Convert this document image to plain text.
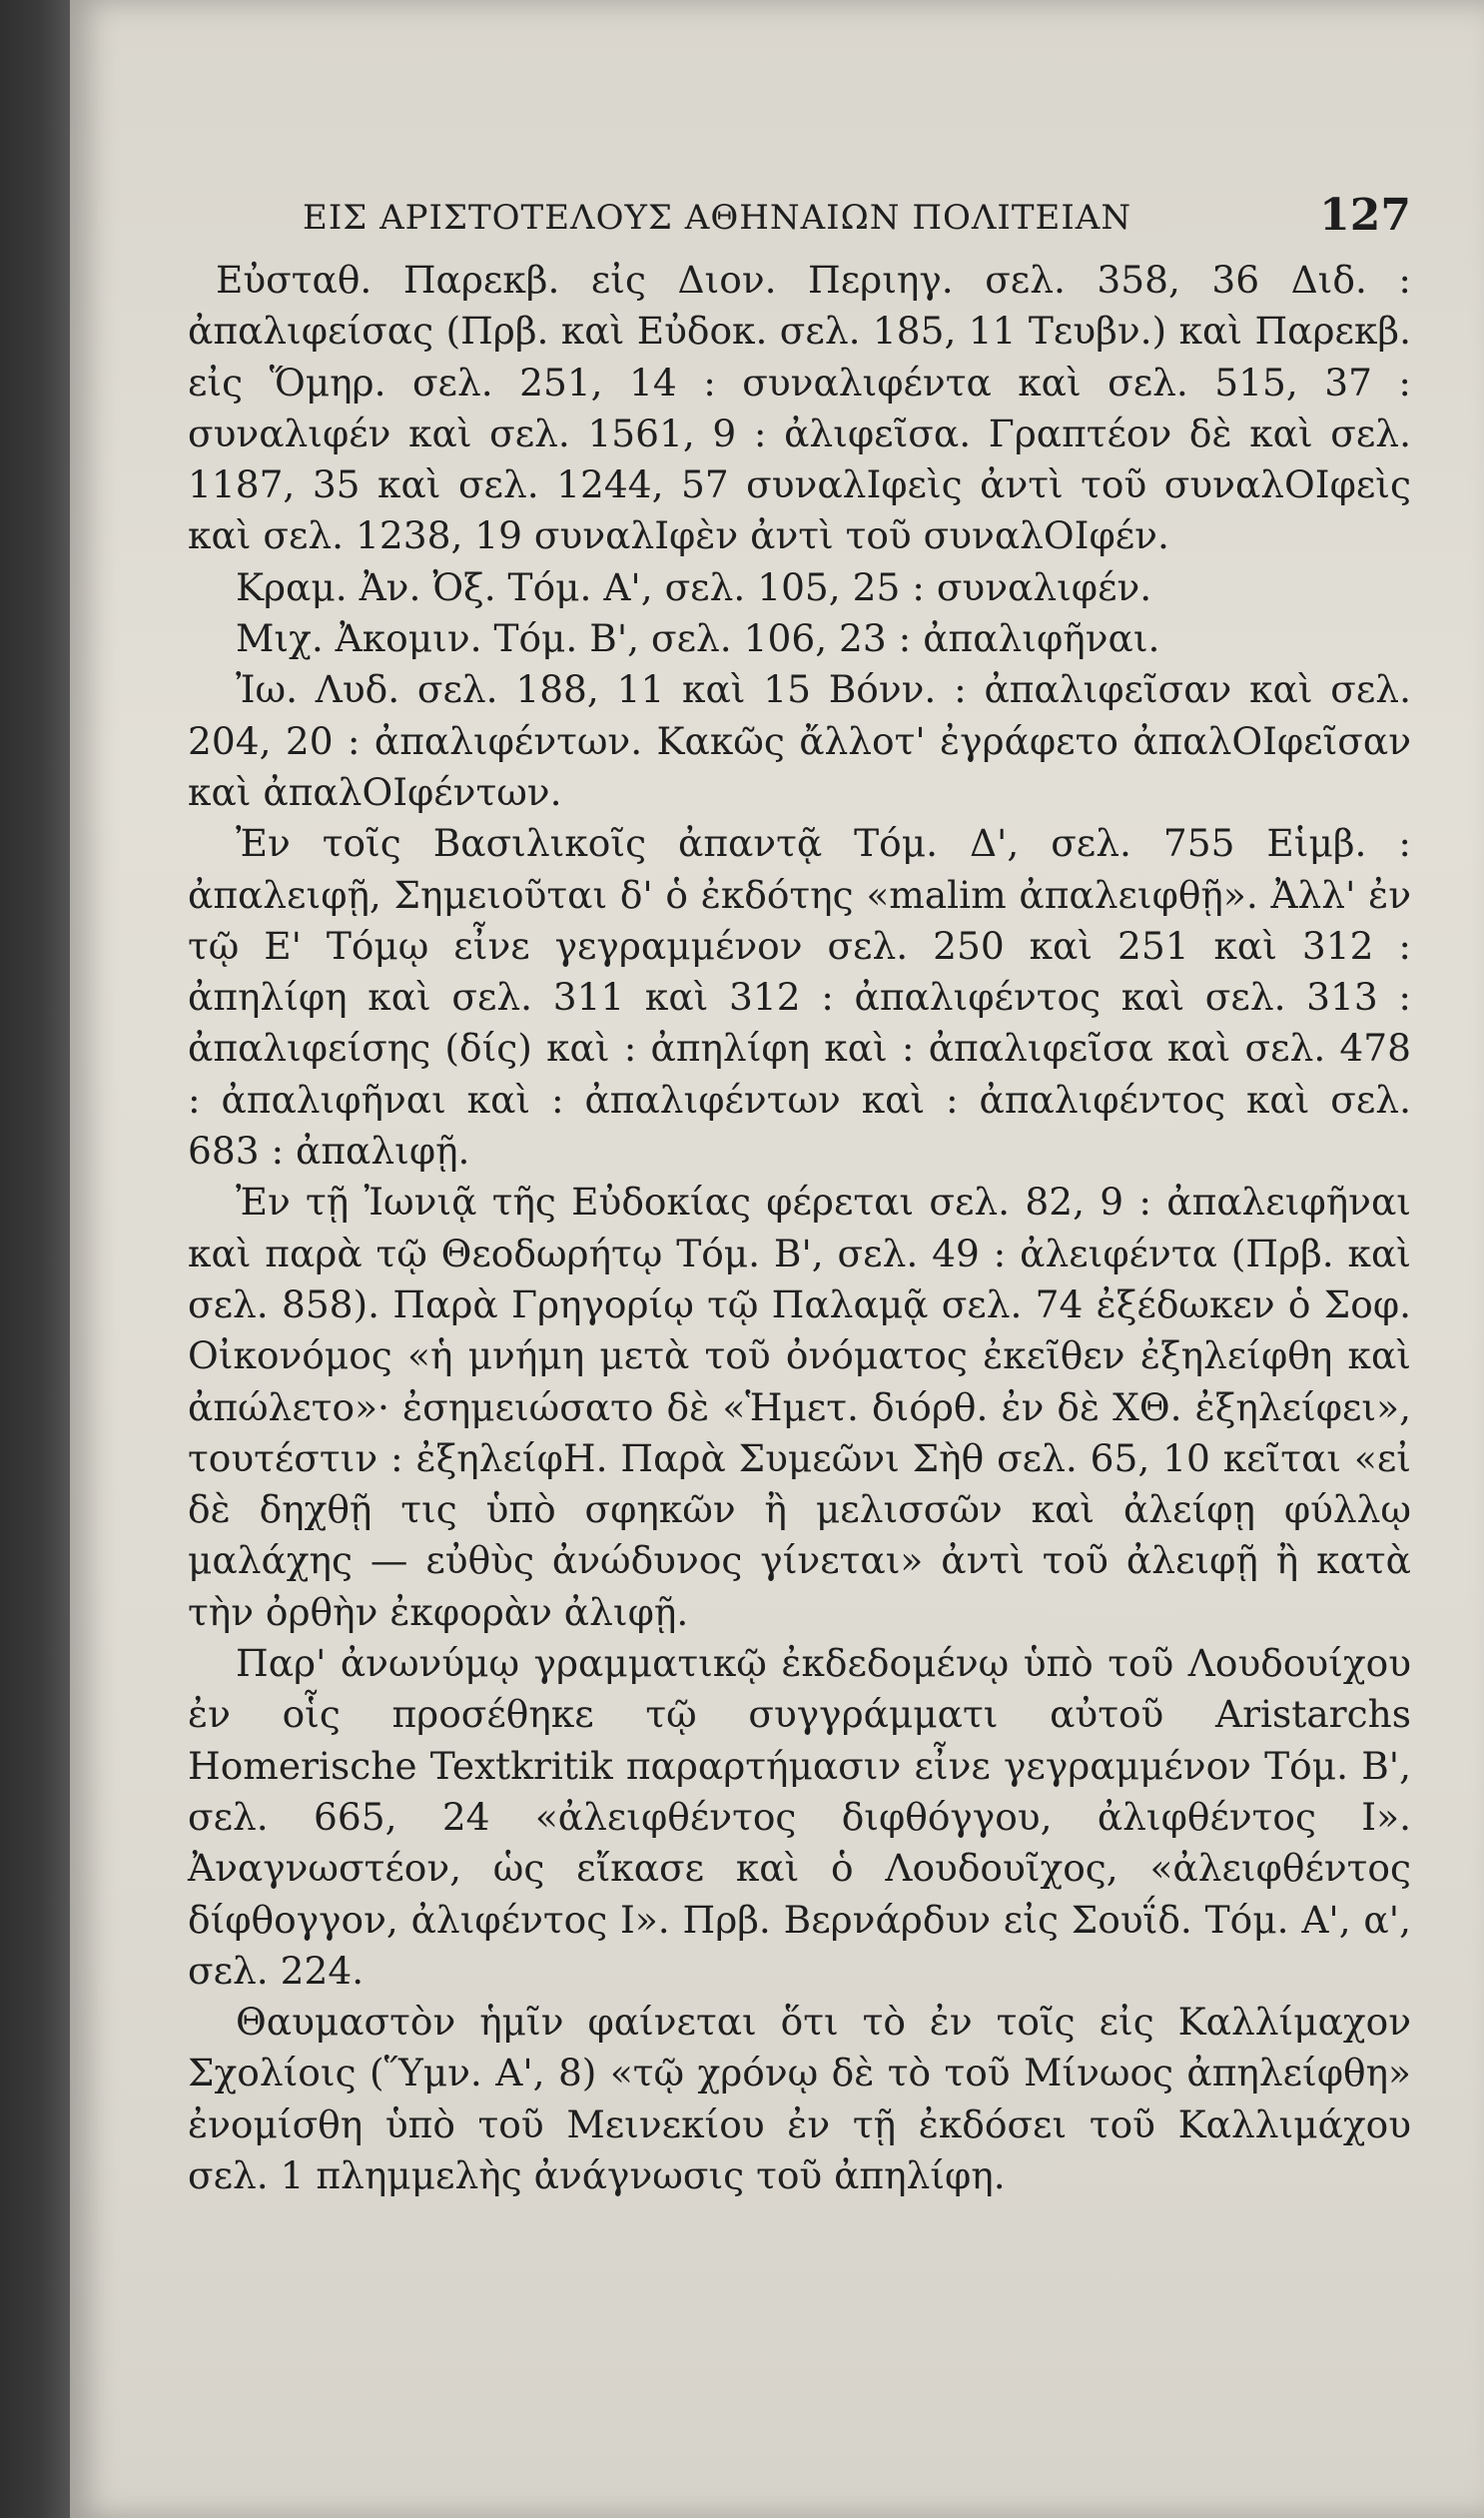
ΕΙΣ ΑΡΙΣΤΟΤΕΛΟΥΣ ΑΘΗΝΑΙΩΝ ΠΟΛΙΤΕΙΑΝ	127

Εὐσταθ. Παρεκβ. εἰς Διον. Περιηγ. σελ. 358, 36 Διδ. : ἀπαλιφείσας (Πρβ. καὶ Εὐδοκ. σελ. 185, 11 Τευβν.) καὶ Παρεκβ. εἰς Ὅμηρ. σελ. 251, 14 : συναλιφέντα καὶ σελ. 515, 37 : συναλιφέν καὶ σελ. 1561, 9 : ἀλιφεῖσα. Γραπτέον δὲ καὶ σελ. 1187, 35 καὶ σελ. 1244, 57 συναλΙφεὶς ἀντὶ τοῦ συναλΟΙφεὶς καὶ σελ. 1238, 19 συναλΙφὲν ἀντὶ τοῦ συναλΟΙφέν.

Κραμ. Ἀν. Ὀξ. Τόμ. Α', σελ. 105, 25 : συναλιφέν.

Μιχ. Ἀκομιν. Τόμ. Β', σελ. 106, 23 : ἀπαλιφῆναι.

Ἰω. Λυδ. σελ. 188, 11 καὶ 15 Βόνν. : ἀπαλιφεῖσαν καὶ σελ. 204, 20 : ἀπαλιφέντων. Κακῶς ἄλλοτ' ἐγράφετο ἀπαλΟΙφεῖσαν καὶ ἀπαλΟΙφέντων.

Ἐν τοῖς Βασιλικοῖς ἀπαντᾷ Τόμ. Δ', σελ. 755 Εἱμβ. : ἀπαλειφῇ, Σημειοῦται δ' ὁ ἐκδότης «malim ἀπαλειφθῇ». Ἀλλ' ἐν τῷ Ε' Τόμῳ εἶνε γεγραμμένον σελ. 250 καὶ 251 καὶ 312 : ἀπηλίφη καὶ σελ. 311 καὶ 312 : ἀπαλιφέντος καὶ σελ. 313 : ἀπαλιφείσης (δίς) καὶ : ἀπηλίφη καὶ : ἀπαλιφεῖσα καὶ σελ. 478 : ἀπαλιφῆναι καὶ : ἀπαλιφέντων καὶ : ἀπαλιφέντος καὶ σελ. 683 : ἀπαλιφῇ.

Ἐν τῇ Ἰωνιᾷ τῆς Εὐδοκίας φέρεται σελ. 82, 9 : ἀπαλειφῆναι καὶ παρὰ τῷ Θεοδωρήτῳ Τόμ. Β', σελ. 49 : ἀλειφέντα (Πρβ. καὶ σελ. 858). Παρὰ Γρηγορίῳ τῷ Παλαμᾷ σελ. 74 ἐξέδωκεν ὁ Σοφ. Οἰκονόμος «ἡ μνήμη μετὰ τοῦ ὀνόματος ἐκεῖθεν ἐξηλείφθη καὶ ἀπώλετο»· ἐσημειώσατο δὲ «Ἡμετ. διόρθ. ἐν δὲ ΧΘ. ἐξηλείφει», τουτέστιν : ἐξηλείφΗ. Παρὰ Συμεῶνι Σὴθ σελ. 65, 10 κεῖται «εἰ δὲ δηχθῇ τις ὑπὸ σφηκῶν ἢ μελισσῶν καὶ ἀλείφῃ φύλλῳ μαλάχης — εὐθὺς ἀνώδυνος γίνεται» ἀντὶ τοῦ ἀλειφῇ ἢ κατὰ τὴν ὀρθὴν ἐκφορὰν ἀλιφῇ.

Παρ' ἀνωνύμῳ γραμματικῷ ἐκδεδομένῳ ὑπὸ τοῦ Λουδουίχου ἐν οἷς προσέθηκε τῷ συγγράμματι αὐτοῦ Aristarchs Homerische Textkritik παραρτήμασιν εἶνε γεγραμμένον Τόμ. Β', σελ. 665, 24 «ἀλειφθέντος διφθόγγου, ἀλιφθέντος Ι». Ἀναγνωστέον, ὡς εἴκασε καὶ ὁ Λουδουῖχος, «ἀλειφθέντος δίφθογγον, ἀλιφέντος Ι». Πρβ. Βερνάρδυν εἰς Σουΐδ. Τόμ. Α', α', σελ. 224.

Θαυμαστὸν ἡμῖν φαίνεται ὅτι τὸ ἐν τοῖς εἰς Καλλίμαχον Σχολίοις (Ὕμν. Α', 8) «τῷ χρόνῳ δὲ τὸ τοῦ Μίνωος ἀπηλείφθη» ἐνομίσθη ὑπὸ τοῦ Μεινεκίου ἐν τῇ ἐκδόσει τοῦ Καλλιμάχου σελ. 1 πλημμελὴς ἀνάγνωσις τοῦ ἀπηλίφη.
